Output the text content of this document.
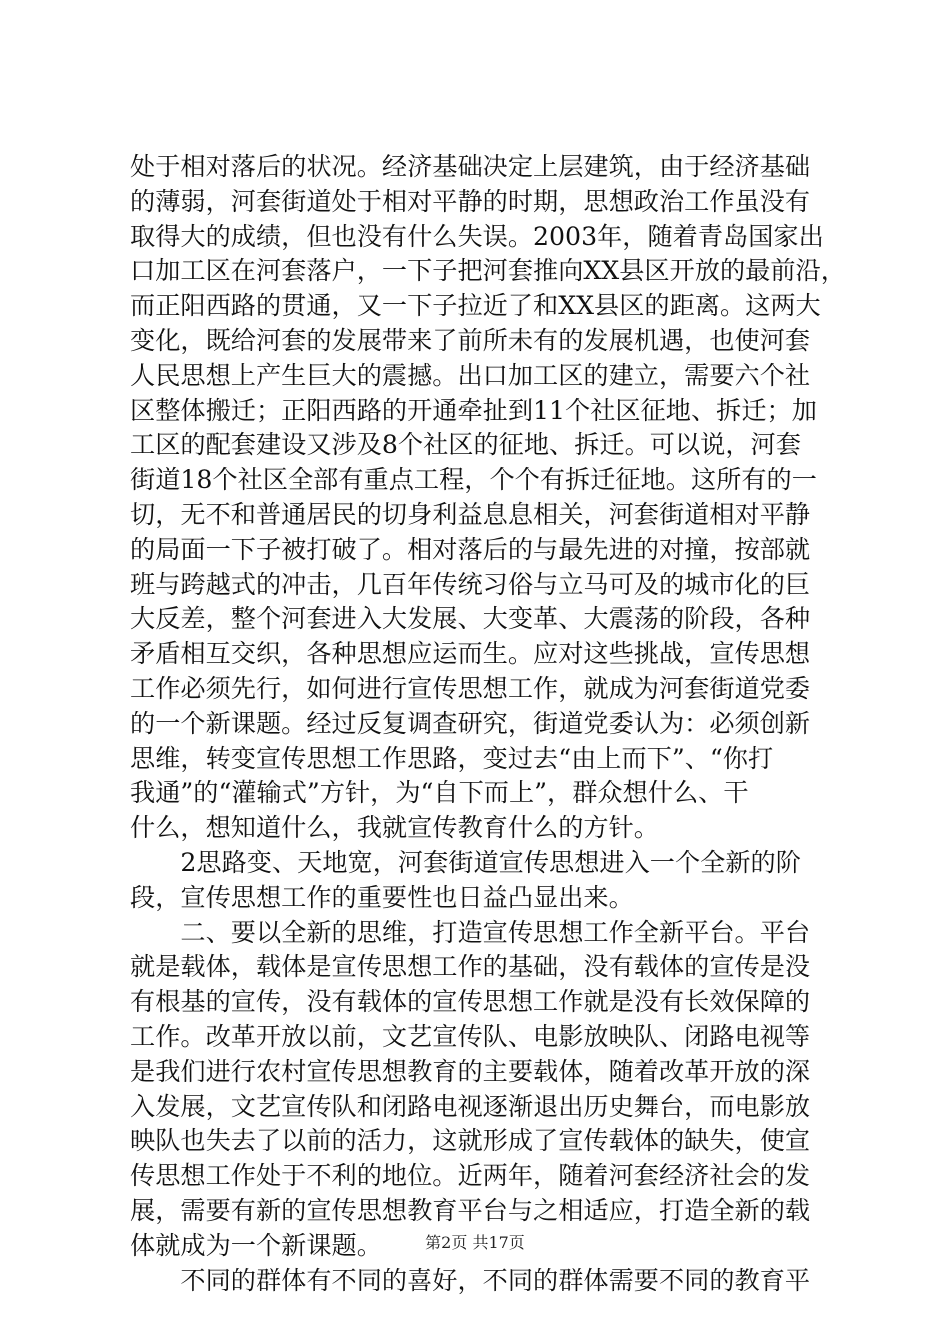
处于相对落后的状况。经济基础决定上层建筑，由于经济基础
的薄弱，河套街道处于相对平静的时期，思想政治工作虽没有
取得大的成绩，但也没有什么失误。2003年，随着青岛国家出
口加工区在河套落户，一下子把河套推向XX县区开放的最前沿，
而正阳西路的贯通，又一下子拉近了和XX县区的距离。这两大
变化，既给河套的发展带来了前所未有的发展机遇，也使河套
人民思想上产生巨大的震撼。出口加工区的建立，需要六个社
区整体搬迁；正阳西路的开通牵扯到11个社区征地、拆迁；加
工区的配套建设又涉及8个社区的征地、拆迁。可以说，河套
街道18个社区全部有重点工程，个个有拆迁征地。这所有的一
切，无不和普通居民的切身利益息息相关，河套街道相对平静
的局面一下子被打破了。相对落后的与最先进的对撞，按部就
班与跨越式的冲击，几百年传统习俗与立马可及的城市化的巨
大反差，整个河套进入大发展、大变革、大震荡的阶段，各种
矛盾相互交织，各种思想应运而生。应对这些挑战，宣传思想
工作必须先行，如何进行宣传思想工作，就成为河套街道党委
的一个新课题。经过反复调查研究，街道党委认为：必须创新
思维，转变宣传思想工作思路，变过去“由上而下”、“你打
我通”的“灌输式”方针，为“自下而上”，群众想什么、干
什么，想知道什么，我就宣传教育什么的方针。
　　2思路变、天地宽，河套街道宣传思想进入一个全新的阶
段，宣传思想工作的重要性也日益凸显出来。
　　二、要以全新的思维，打造宣传思想工作全新平台。平台
就是载体，载体是宣传思想工作的基础，没有载体的宣传是没
有根基的宣传，没有载体的宣传思想工作就是没有长效保障的
工作。改革开放以前，文艺宣传队、电影放映队、闭路电视等
是我们进行农村宣传思想教育的主要载体，随着改革开放的深
入发展，文艺宣传队和闭路电视逐渐退出历史舞台，而电影放
映队也失去了以前的活力，这就形成了宣传载体的缺失，使宣
传思想工作处于不利的地位。近两年，随着河套经济社会的发
展，需要有新的宣传思想教育平台与之相适应，打造全新的载
体就成为一个新课题。
　　不同的群体有不同的喜好，不同的群体需要不同的教育平
第2页 共17页
